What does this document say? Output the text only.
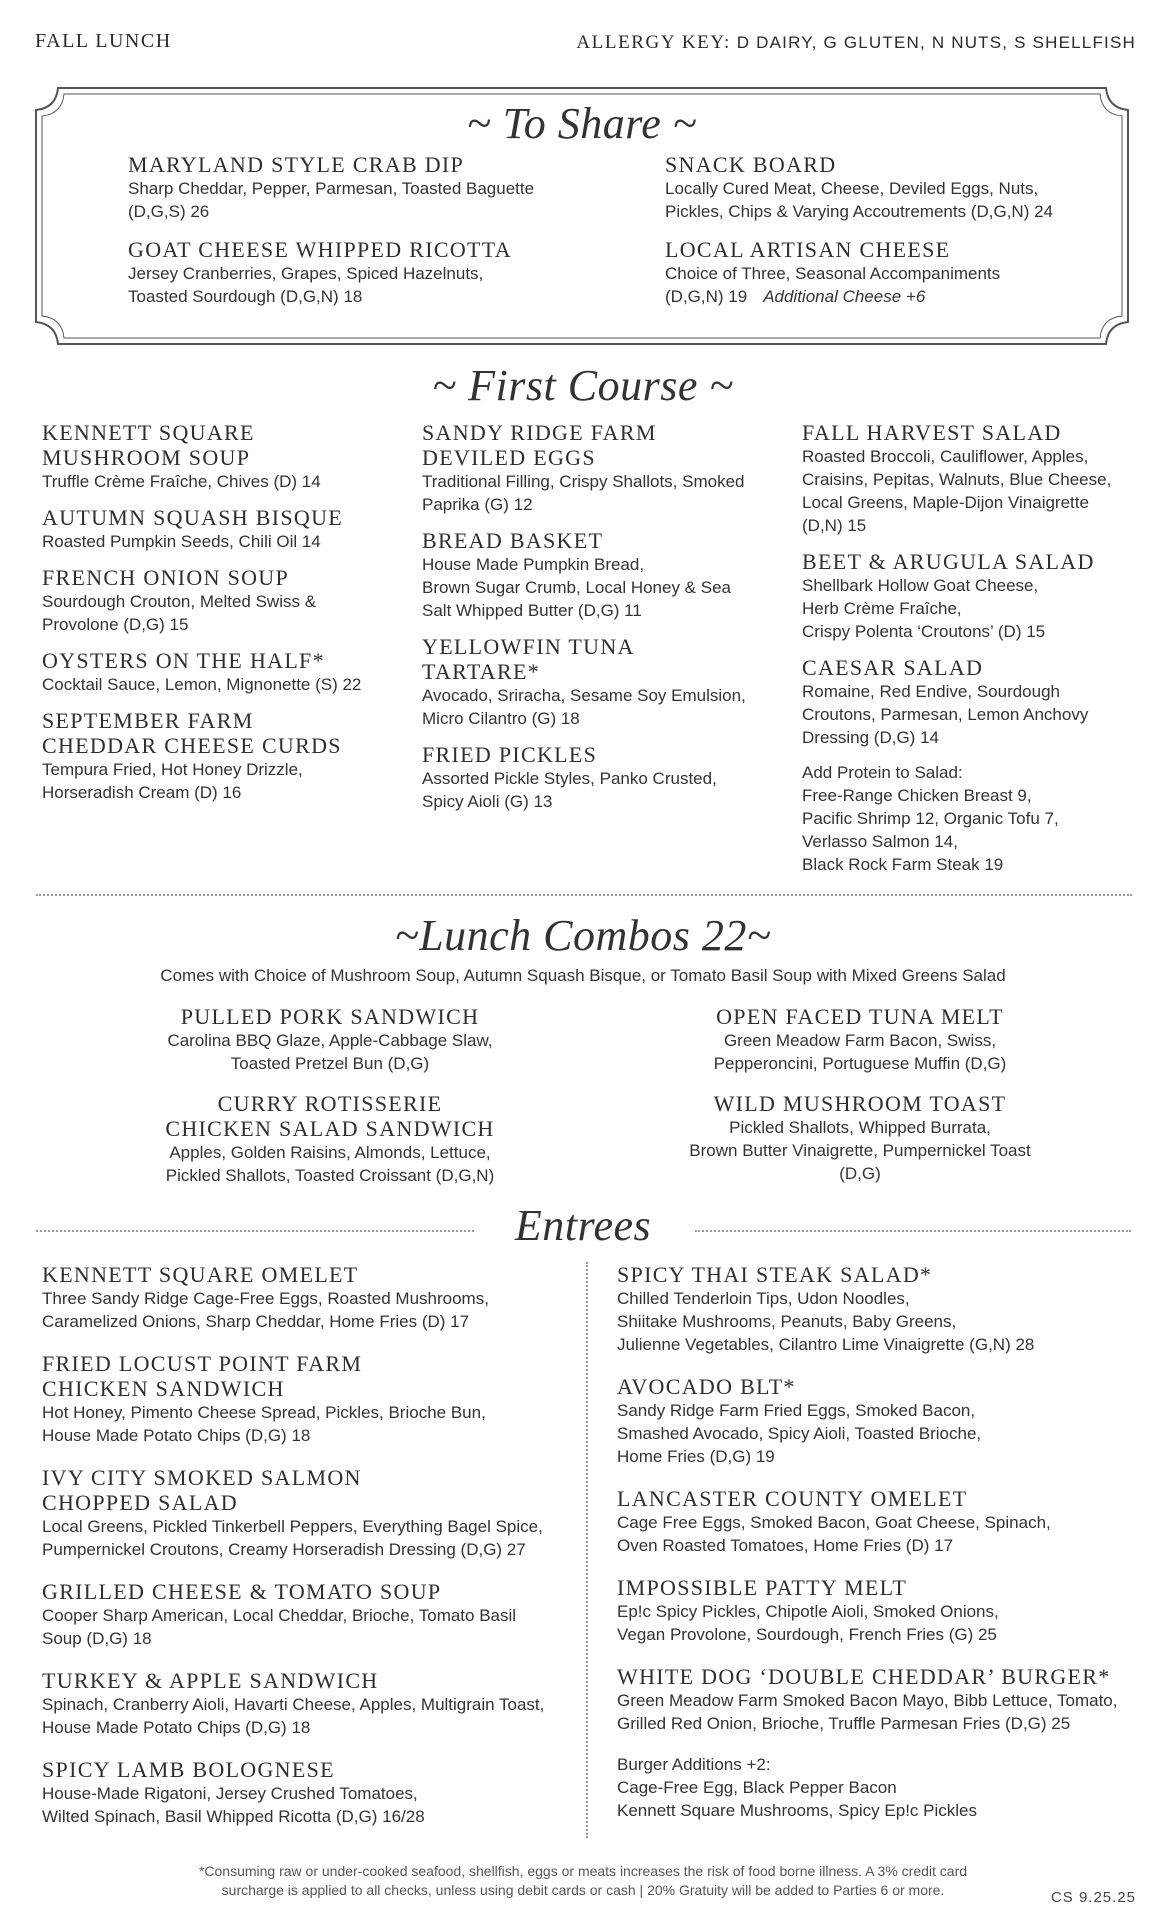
FALL LUNCH	ALLERGY KEY: D DAIRY, G GLUTEN, N NUTS, S SHELLFISH
~ To Share ~
MARYLAND STYLE CRAB DIP
Sharp Cheddar, Pepper, Parmesan, Toasted Baguette
(D,G,S) 26
GOAT CHEESE WHIPPED RICOTTA
Jersey Cranberries, Grapes, Spiced Hazelnuts,
Toasted Sourdough (D,G,N) 18
SNACK BOARD
Locally Cured Meat, Cheese, Deviled Eggs, Nuts,
Pickles, Chips & Varying Accoutrements (D,G,N) 24
LOCAL ARTISAN CHEESE
Choice of Three, Seasonal Accompaniments
(D,G,N) 19 Additional Cheese +6
~ First Course ~
KENNETT SQUARE
MUSHROOM SOUP
Truffle Crème Fraîche, Chives (D) 14
AUTUMN SQUASH BISQUE
Roasted Pumpkin Seeds, Chili Oil 14
FRENCH ONION SOUP
Sourdough Crouton, Melted Swiss &
Provolone (D,G) 15
OYSTERS ON THE HALF*
Cocktail Sauce, Lemon, Mignonette (S) 22
SEPTEMBER FARM
CHEDDAR CHEESE CURDS
Tempura Fried, Hot Honey Drizzle,
Horseradish Cream (D) 16
SANDY RIDGE FARM
DEVILED EGGS
Traditional Filling, Crispy Shallots, Smoked
Paprika (G) 12
BREAD BASKET
House Made Pumpkin Bread,
Brown Sugar Crumb, Local Honey & Sea
Salt Whipped Butter (D,G) 11
YELLOWFIN TUNA
TARTARE*
Avocado, Sriracha, Sesame Soy Emulsion,
Micro Cilantro (G) 18
FRIED PICKLES
Assorted Pickle Styles, Panko Crusted,
Spicy Aioli (G) 13
FALL HARVEST SALAD
Roasted Broccoli, Cauliflower, Apples,
Craisins, Pepitas, Walnuts, Blue Cheese,
Local Greens, Maple-Dijon Vinaigrette
(D,N) 15
BEET & ARUGULA SALAD
Shellbark Hollow Goat Cheese,
Herb Crème Fraîche,
Crispy Polenta ‘Croutons’ (D) 15
CAESAR SALAD
Romaine, Red Endive, Sourdough
Croutons, Parmesan, Lemon Anchovy
Dressing (D,G) 14
Add Protein to Salad:
Free-Range Chicken Breast 9,
Pacific Shrimp 12, Organic Tofu 7,
Verlasso Salmon 14,
Black Rock Farm Steak 19
~Lunch Combos 22~
Comes with Choice of Mushroom Soup, Autumn Squash Bisque, or Tomato Basil Soup with Mixed Greens Salad
PULLED PORK SANDWICH
Carolina BBQ Glaze, Apple-Cabbage Slaw,
Toasted Pretzel Bun (D,G)
CURRY ROTISSERIE
CHICKEN SALAD SANDWICH
Apples, Golden Raisins, Almonds, Lettuce,
Pickled Shallots, Toasted Croissant (D,G,N)
OPEN FACED TUNA MELT
Green Meadow Farm Bacon, Swiss,
Pepperoncini, Portuguese Muffin (D,G)
WILD MUSHROOM TOAST
Pickled Shallots, Whipped Burrata,
Brown Butter Vinaigrette, Pumpernickel Toast
(D,G)
Entrees
KENNETT SQUARE OMELET
Three Sandy Ridge Cage-Free Eggs, Roasted Mushrooms,
Caramelized Onions, Sharp Cheddar, Home Fries (D) 17
FRIED LOCUST POINT FARM
CHICKEN SANDWICH
Hot Honey, Pimento Cheese Spread, Pickles, Brioche Bun,
House Made Potato Chips (D,G) 18
IVY CITY SMOKED SALMON
CHOPPED SALAD
Local Greens, Pickled Tinkerbell Peppers, Everything Bagel Spice,
Pumpernickel Croutons, Creamy Horseradish Dressing (D,G) 27
GRILLED CHEESE & TOMATO SOUP
Cooper Sharp American, Local Cheddar, Brioche, Tomato Basil
Soup (D,G) 18
TURKEY & APPLE SANDWICH
Spinach, Cranberry Aioli, Havarti Cheese, Apples, Multigrain Toast,
House Made Potato Chips (D,G) 18
SPICY LAMB BOLOGNESE
House-Made Rigatoni, Jersey Crushed Tomatoes,
Wilted Spinach, Basil Whipped Ricotta (D,G) 16/28
SPICY THAI STEAK SALAD*
Chilled Tenderloin Tips, Udon Noodles,
Shiitake Mushrooms, Peanuts, Baby Greens,
Julienne Vegetables, Cilantro Lime Vinaigrette (G,N) 28
AVOCADO BLT*
Sandy Ridge Farm Fried Eggs, Smoked Bacon,
Smashed Avocado, Spicy Aioli, Toasted Brioche,
Home Fries (D,G) 19
LANCASTER COUNTY OMELET
Cage Free Eggs, Smoked Bacon, Goat Cheese, Spinach,
Oven Roasted Tomatoes, Home Fries (D) 17
IMPOSSIBLE PATTY MELT
Ep!c Spicy Pickles, Chipotle Aioli, Smoked Onions,
Vegan Provolone, Sourdough, French Fries (G) 25
WHITE DOG ‘DOUBLE CHEDDAR’ BURGER*
Green Meadow Farm Smoked Bacon Mayo, Bibb Lettuce, Tomato,
Grilled Red Onion, Brioche, Truffle Parmesan Fries (D,G) 25
Burger Additions +2:
Cage-Free Egg, Black Pepper Bacon
Kennett Square Mushrooms, Spicy Ep!c Pickles
*Consuming raw or under-cooked seafood, shellfish, eggs or meats increases the risk of food borne illness. A 3% credit card
surcharge is applied to all checks, unless using debit cards or cash | 20% Gratuity will be added to Parties 6 or more.	CS 9.25.25
